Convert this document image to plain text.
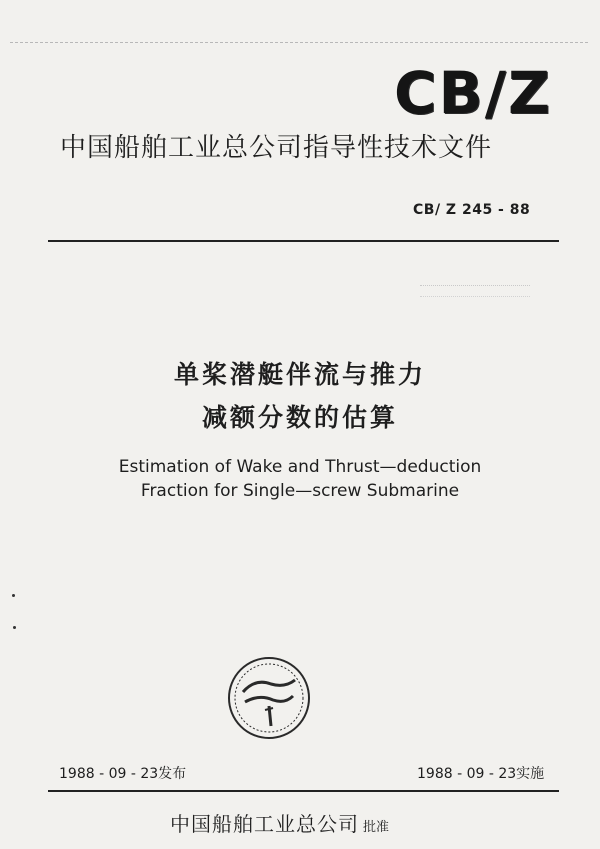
CB/Z
中国船舶工业总公司指导性技术文件
CB/ Z 245 - 88
单桨潜艇伴流与推力
减额分数的估算
Estimation of Wake and Thrust—deduction
Fraction for Single—screw Submarine
1988 - 09 - 23发布	1988 - 09 - 23实施
中国船舶工业总公司 批准
